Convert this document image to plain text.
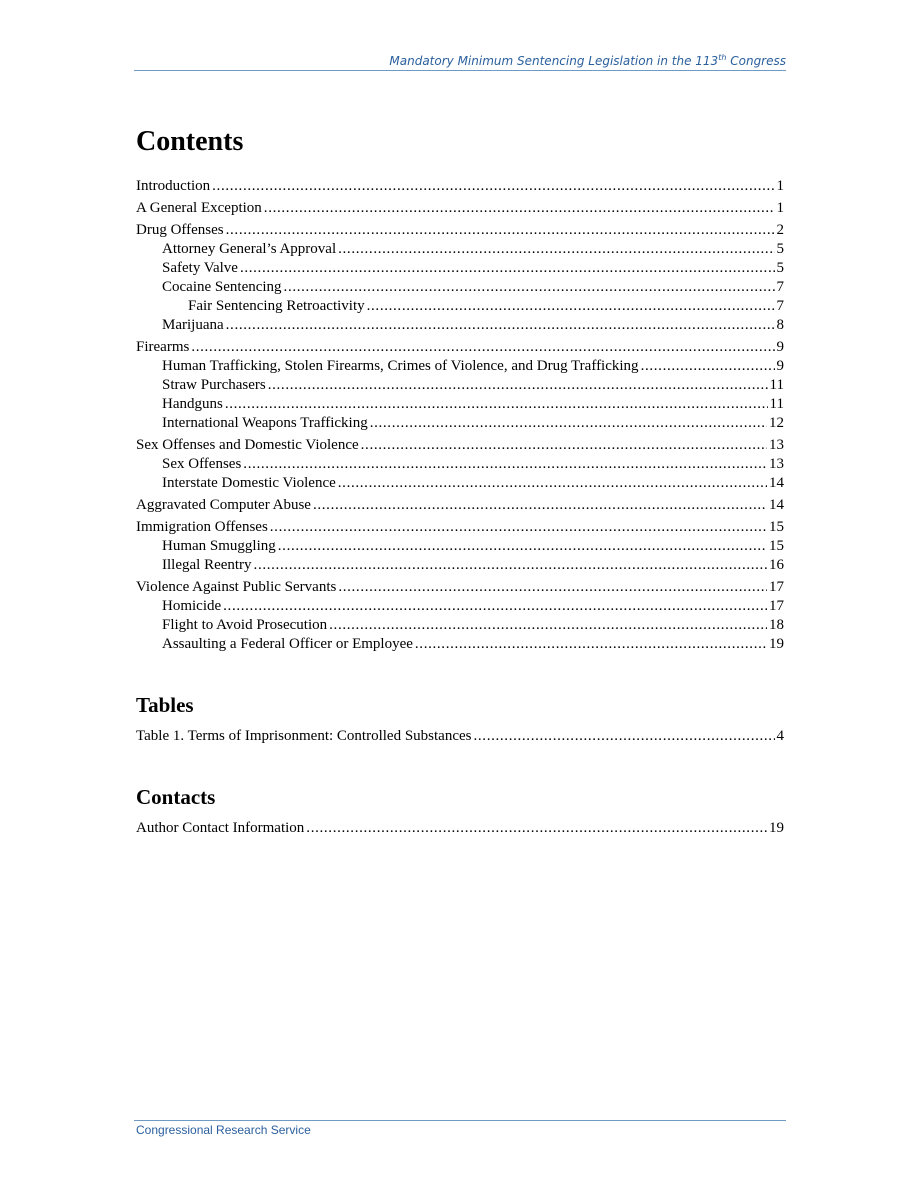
Mandatory Minimum Sentencing Legislation in the 113th Congress
Contents
Introduction . . .	1
A General Exception . . .	1
Drug Offenses . . .	2
Attorney General’s Approval . . .	5
Safety Valve . . .	5
Cocaine Sentencing . . .	7
Fair Sentencing Retroactivity . . .	7
Marijuana . . .	8
Firearms . . .	9
Human Trafficking, Stolen Firearms, Crimes of Violence, and Drug Trafficking . . .	9
Straw Purchasers . . .	11
Handguns . . .	11
International Weapons Trafficking . . .	12
Sex Offenses and Domestic Violence . . .	13
Sex Offenses . . .	13
Interstate Domestic Violence . . .	14
Aggravated Computer Abuse . . .	14
Immigration Offenses . . .	15
Human Smuggling . . .	15
Illegal Reentry . . .	16
Violence Against Public Servants . . .	17
Homicide . . .	17
Flight to Avoid Prosecution . . .	18
Assaulting a Federal Officer or Employee . . .	19
Tables
Table 1. Terms of Imprisonment: Controlled Substances . . .	4
Contacts
Author Contact Information . . .	19
Congressional Research Service
